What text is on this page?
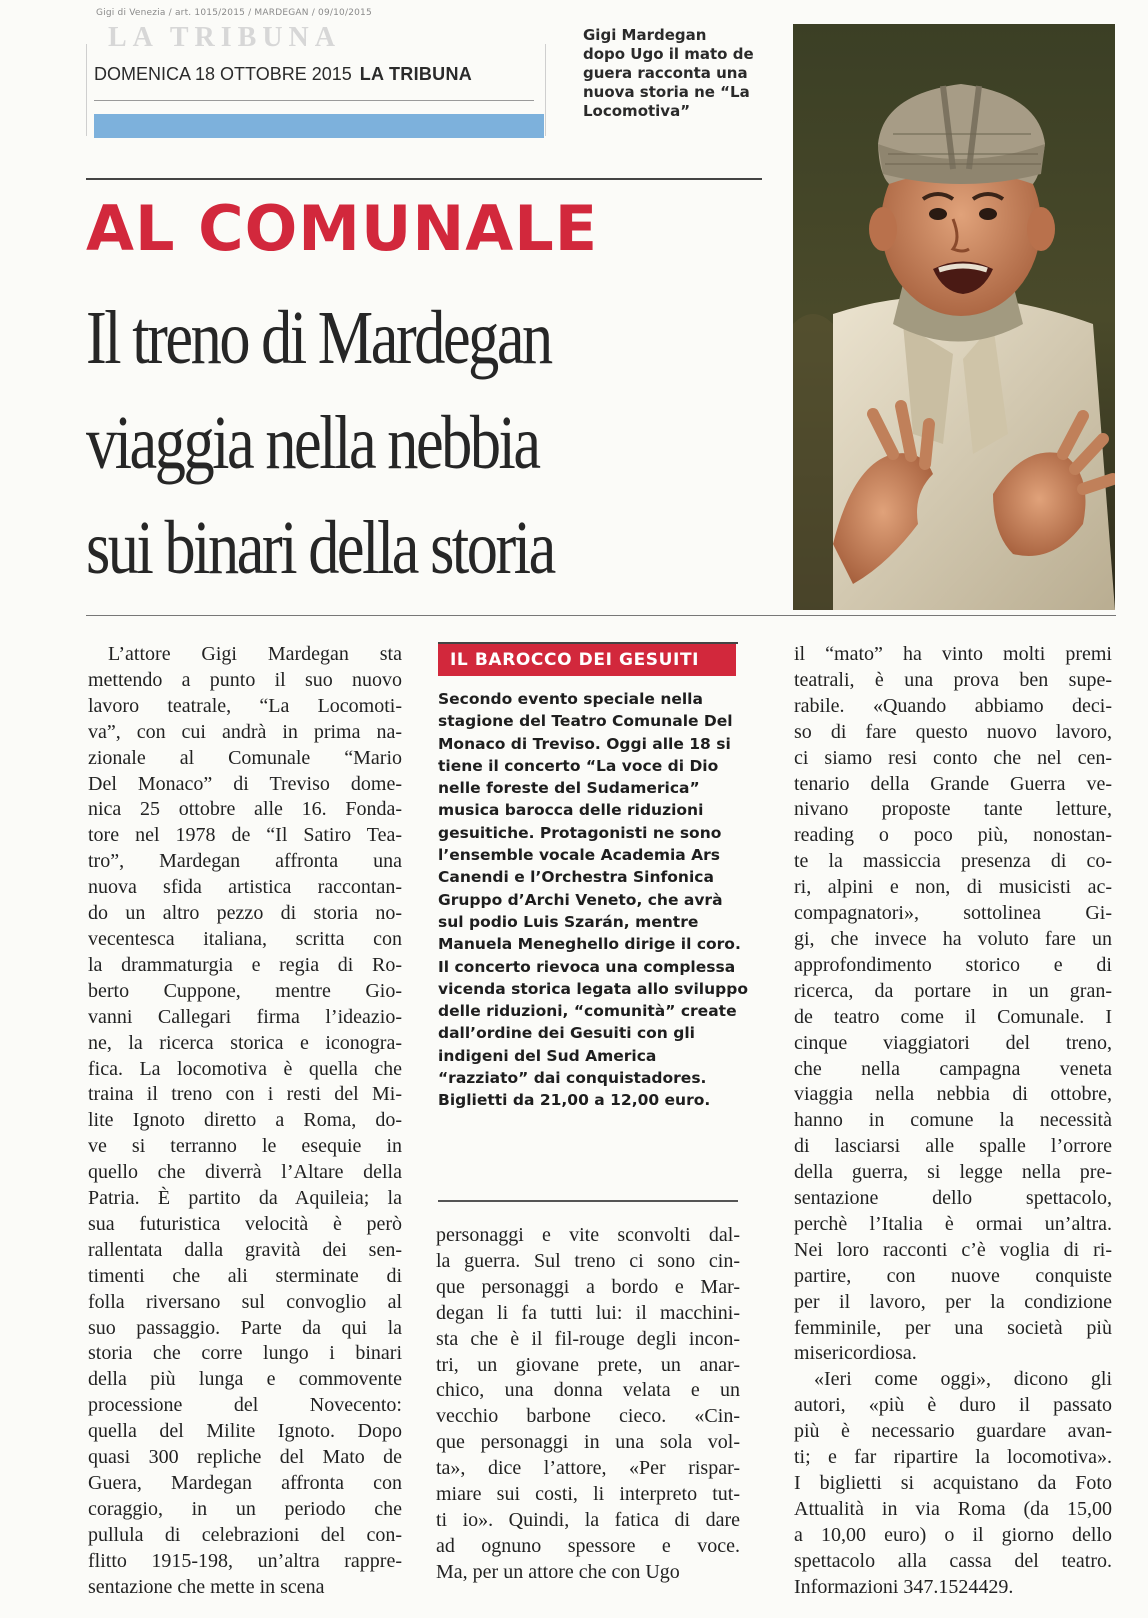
Gigi di Venezia / art. 1015/2015 / MARDEGAN / 09/10/2015
LA TRIBUNA
DOMENICA 18 OTTOBRE 2015 LA TRIBUNA
Gigi Mardegan
dopo Ugo il mato de
guera racconta una
nuova storia ne “La
Locomotiva”
AL COMUNALE
Il treno di Mardegan
viaggia nella nebbia
sui binari della storia
L’attore Gigi Mardegan sta
mettendo a punto il suo nuovo
lavoro teatrale, “La Locomoti-
va”, con cui andrà in prima na-
zionale al Comunale “Mario
Del Monaco” di Treviso dome-
nica 25 ottobre alle 16. Fonda-
tore nel 1978 de “Il Satiro Tea-
tro”, Mardegan affronta una
nuova sfida artistica raccontan-
do un altro pezzo di storia no-
vecentesca italiana, scritta con
la drammaturgia e regia di Ro-
berto Cuppone, mentre Gio-
vanni Callegari firma l’ideazio-
ne, la ricerca storica e iconogra-
fica. La locomotiva è quella che
traina il treno con i resti del Mi-
lite Ignoto diretto a Roma, do-
ve si terranno le esequie in
quello che diverrà l’Altare della
Patria. È partito da Aquileia; la
sua futuristica velocità è però
rallentata dalla gravità dei sen-
timenti che ali sterminate di
folla riversano sul convoglio al
suo passaggio. Parte da qui la
storia che corre lungo i binari
della più lunga e commovente
processione del Novecento:
quella del Milite Ignoto. Dopo
quasi 300 repliche del Mato de
Guera, Mardegan affronta con
coraggio, in un periodo che
pullula di celebrazioni del con-
flitto 1915-198, un’altra rappre-
sentazione che mette in scena
IL BAROCCO DEI GESUITI
Secondo evento speciale nella
stagione del Teatro Comunale Del
Monaco di Treviso. Oggi alle 18 si
tiene il concerto “La voce di Dio
nelle foreste del Sudamerica”
musica barocca delle riduzioni
gesuitiche. Protagonisti ne sono
l’ensemble vocale Academia Ars
Canendi e l’Orchestra Sinfonica
Gruppo d’Archi Veneto, che avrà
sul podio Luis Szarán, mentre
Manuela Meneghello dirige il coro.
Il concerto rievoca una complessa
vicenda storica legata allo sviluppo
delle riduzioni, “comunità” create
dall’ordine dei Gesuiti con gli
indigeni del Sud America
“razziato” dai conquistadores.
Biglietti da 21,00 a 12,00 euro.
personaggi e vite sconvolti dal-
la guerra. Sul treno ci sono cin-
que personaggi a bordo e Mar-
degan li fa tutti lui: il macchini-
sta che è il fil-rouge degli incon-
tri, un giovane prete, un anar-
chico, una donna velata e un
vecchio barbone cieco. «Cin-
que personaggi in una sola vol-
ta», dice l’attore, «Per rispar-
miare sui costi, li interpreto tut-
ti io». Quindi, la fatica di dare
ad ognuno spessore e voce.
Ma, per un attore che con Ugo
il “mato” ha vinto molti premi
teatrali, è una prova ben supe-
rabile. «Quando abbiamo deci-
so di fare questo nuovo lavoro,
ci siamo resi conto che nel cen-
tenario della Grande Guerra ve-
nivano proposte tante letture,
reading o poco più, nonostan-
te la massiccia presenza di co-
ri, alpini e non, di musicisti ac-
compagnatori», sottolinea Gi-
gi, che invece ha voluto fare un
approfondimento storico e di
ricerca, da portare in un gran-
de teatro come il Comunale. I
cinque viaggiatori del treno,
che nella campagna veneta
viaggia nella nebbia di ottobre,
hanno in comune la necessità
di lasciarsi alle spalle l’orrore
della guerra, si legge nella pre-
sentazione dello spettacolo,
perchè l’Italia è ormai un’altra.
Nei loro racconti c’è voglia di ri-
partire, con nuove conquiste
per il lavoro, per la condizione
femminile, per una società più
misericordiosa.
«Ieri come oggi», dicono gli
autori, «più è duro il passato
più è necessario guardare avan-
ti; e far ripartire la locomotiva».
I biglietti si acquistano da Foto
Attualità in via Roma (da 15,00
a 10,00 euro) o il giorno dello
spettacolo alla cassa del teatro.
Informazioni 347.1524429.
